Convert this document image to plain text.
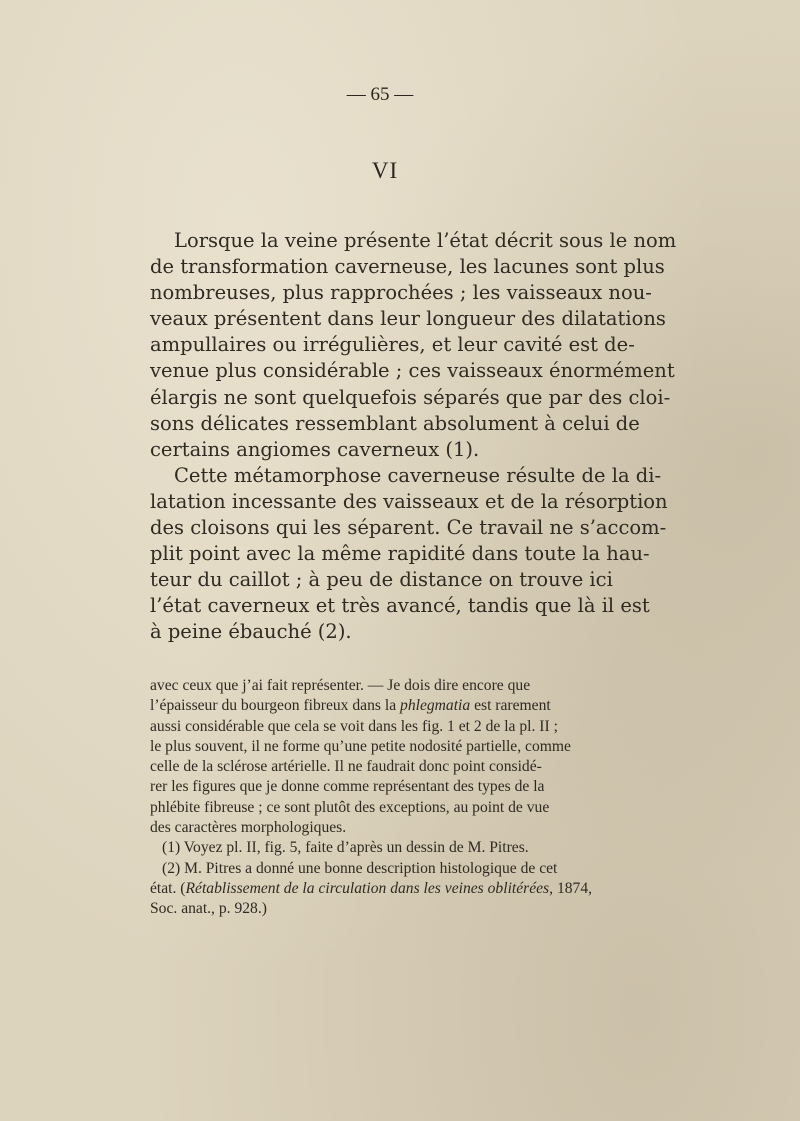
— 65 —
VI
Lorsque la veine présente l’état décrit sous le nom
de transformation caverneuse, les lacunes sont plus
nombreuses, plus rapprochées ; les vaisseaux nou-
veaux présentent dans leur longueur des dilatations
ampullaires ou irrégulières, et leur cavité est de-
venue plus considérable ; ces vaisseaux énormément
élargis ne sont quelquefois séparés que par des cloi-
sons délicates ressemblant absolument à celui de
certains angiomes caverneux (1).
Cette métamorphose caverneuse résulte de la di-
latation incessante des vaisseaux et de la résorption
des cloisons qui les séparent. Ce travail ne s’accom-
plit point avec la même rapidité dans toute la hau-
teur du caillot ; à peu de distance on trouve ici
l’état caverneux et très avancé, tandis que là il est
à peine ébauché (2).
avec ceux que j’ai fait représenter. — Je dois dire encore que
l’épaisseur du bourgeon fibreux dans la phlegmatia est rarement
aussi considérable que cela se voit dans les fig. 1 et 2 de la pl. II ;
le plus souvent, il ne forme qu’une petite nodosité partielle, comme
celle de la sclérose artérielle. Il ne faudrait donc point considé-
rer les figures que je donne comme représentant des types de la
phlébite fibreuse ; ce sont plutôt des exceptions, au point de vue
des caractères morphologiques.
(1) Voyez pl. II, fig. 5, faite d’après un dessin de M. Pitres.
(2) M. Pitres a donné une bonne description histologique de cet
état. (Rétablissement de la circulation dans les veines oblitérées, 1874,
Soc. anat., p. 928.)
